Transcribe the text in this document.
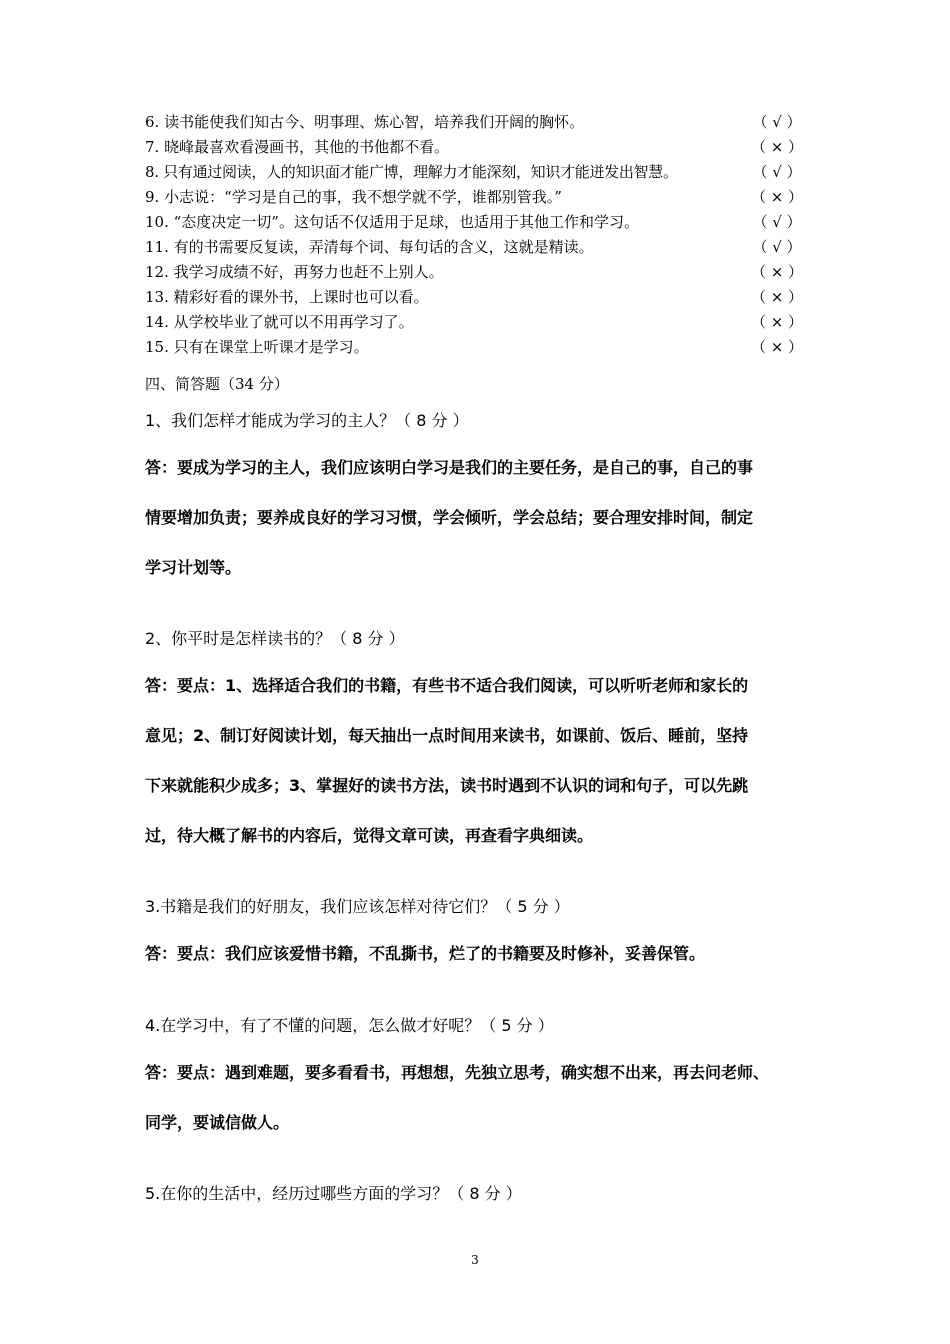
6. 读书能使我们知古今、明事理、炼心智，培养我们开阔的胸怀。	（ √ ）
7. 晓峰最喜欢看漫画书，其他的书他都不看。	（ × ）
8. 只有通过阅读，人的知识面才能广博，理解力才能深刻，知识才能迸发出智慧。	（ √ ）
9. 小志说：“学习是自己的事，我不想学就不学，谁都别管我。”	（ × ）
10. “态度决定一切”。这句话不仅适用于足球，也适用于其他工作和学习。	（ √ ）
11. 有的书需要反复读，弄清每个词、每句话的含义，这就是精读。	（ √ ）
12. 我学习成绩不好，再努力也赶不上别人。	（ × ）
13. 精彩好看的课外书，上课时也可以看。	（ × ）
14. 从学校毕业了就可以不用再学习了。	（ × ）
15. 只有在课堂上听课才是学习。	（ × ）
四、简答题（34 分）
1、我们怎样才能成为学习的主人？（ 8 分 ）
答：要成为学习的主人，我们应该明白学习是我们的主要任务，是自己的事，自己的事
情要增加负责；要养成良好的学习习惯，学会倾听，学会总结；要合理安排时间，制定
学习计划等。
2、你平时是怎样读书的？（ 8 分 ）
答：要点：1、选择适合我们的书籍，有些书不适合我们阅读，可以听听老师和家长的
意见；2、制订好阅读计划，每天抽出一点时间用来读书，如课前、饭后、睡前，坚持
下来就能积少成多；3、掌握好的读书方法，读书时遇到不认识的词和句子，可以先跳
过，待大概了解书的内容后，觉得文章可读，再查看字典细读。
3.书籍是我们的好朋友，我们应该怎样对待它们？（ 5 分 ）
答：要点：我们应该爱惜书籍，不乱撕书，烂了的书籍要及时修补，妥善保管。
4.在学习中，有了不懂的问题，怎么做才好呢？（ 5 分 ）
答：要点：遇到难题，要多看看书，再想想，先独立思考，确实想不出来，再去问老师、
同学，要诚信做人。
5.在你的生活中，经历过哪些方面的学习？（ 8 分 ）
3
